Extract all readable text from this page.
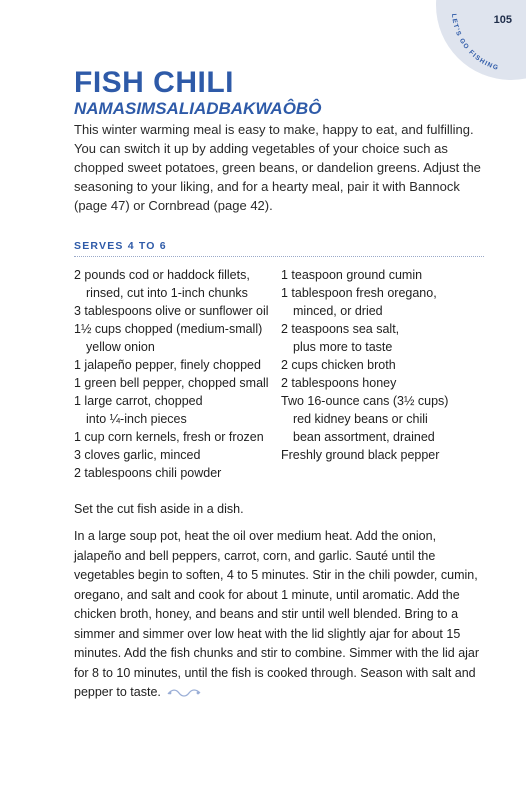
105
LET'S GO FISHING
FISH CHILI
NAMASIMSALIADBAKWAÔBÔ

This winter warming meal is easy to make, happy to eat, and fulfilling. You can switch it up by adding vegetables of your choice such as chopped sweet potatoes, green beans, or dandelion greens. Adjust the seasoning to your liking, and for a hearty meal, pair it with Bannock (page 47) or Cornbread (page 42).

SERVES 4 TO 6
2 pounds cod or haddock fillets,
rinsed, cut into 1-inch chunks
3 tablespoons olive or sunflower oil
1½ cups chopped (medium-small)
yellow onion
1 jalapeño pepper, finely chopped
1 green bell pepper, chopped small
1 large carrot, chopped
into ¼-inch pieces
1 cup corn kernels, fresh or frozen
3 cloves garlic, minced
2 tablespoons chili powder
1 teaspoon ground cumin
1 tablespoon fresh oregano,
minced, or dried
2 teaspoons sea salt,
plus more to taste
2 cups chicken broth
2 tablespoons honey
Two 16-ounce cans (3½ cups)
red kidney beans or chili
bean assortment, drained
Freshly ground black pepper

Set the cut fish aside in a dish.

In a large soup pot, heat the oil over medium heat. Add the onion, jalapeño and bell peppers, carrot, corn, and garlic. Sauté until the vegetables begin to soften, 4 to 5 minutes. Stir in the chili powder, cumin, oregano, and salt and cook for about 1 minute, until aromatic. Add the chicken broth, honey, and beans and stir until well blended. Bring to a simmer and simmer over low heat with the lid slightly ajar for about 15 minutes. Add the fish chunks and stir to combine. Simmer with the lid ajar for 8 to 10 minutes, until the fish is cooked through. Season with salt and pepper to taste.
